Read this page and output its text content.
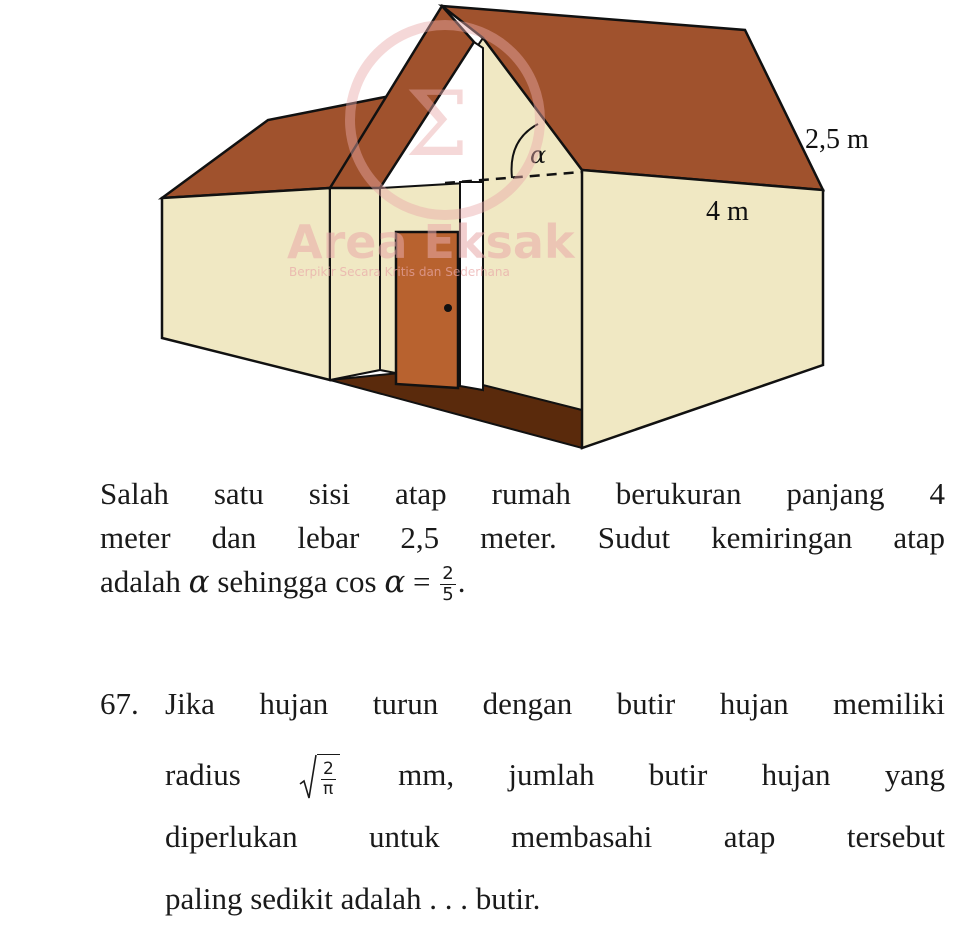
α	2,5 m
4 m
Σ
Area Eksak
Berpikir Secara Kritis dan Sederhana
Salah satu sisi atap rumah berukuran panjang 4
meter dan lebar 2,5 meter. Sudut kemiringan atap
adalah α sehingga $\cos \alpha = \frac{2}{5}$ .
67. Jika hujan turun dengan butir hujan memiliki
radius	$\frac{2}{\pi}$ mm, jumlah butir hujan yang
diperlukan untuk membasahi atap tersebut
paling sedikit adalah . . . butir.
